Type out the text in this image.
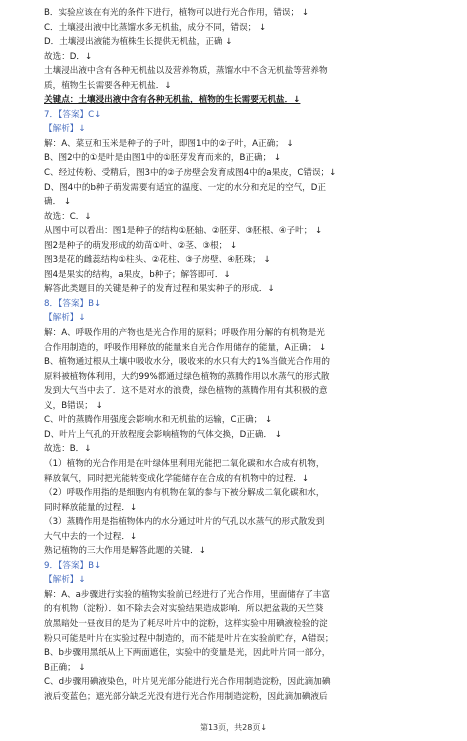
B．实验应该在有光的条件下进行，植物可以进行光合作用，错误； ↓
C．土壤浸出液中比蒸馏水多无机盐，成分不同，错误； ↓
D．土壤浸出液能为植株生长提供无机盐，正确 ↓
故选：D．↓
土壤浸出液中含有各种无机盐以及营养物质，蒸馏水中不含无机盐等营养物
质，植物生长需要各种无机盐．↓
关键点：土壤浸出液中含有各种无机盐，植物的生长需要无机盐．↓
7．【答案】C↓
【解析】↓
解：A、菜豆和玉米是种子的子叶，即图1中的②子叶，A正确； ↓
B、图2中的①是叶是由图1中的①胚芽发育而来的，B正确； ↓
C、经过传粉、受精后，图3中的②子房壁会发育成图4中的a果皮，C错误；↓
D、图4中的b种子萌发需要有适宜的温度、一定的水分和充足的空气，D正
确． ↓
故选：C．↓
从图中可以看出：图1是种子的结构①胚轴、②胚芽、③胚根、④子叶； ↓
图2是种子的萌发形成的幼苗①叶、②茎、③根； ↓
图3是花的雌蕊结构①柱头、②花柱、③子房壁、④胚珠； ↓
图4是果实的结构，a果皮，b种子；解答即可．↓
解答此类题目的关键是种子的发育过程和果实种子的形成．↓
8．【答案】B↓
【解析】↓
解：A、呼吸作用的产物也是光合作用的原料；呼吸作用分解的有机物是光
合作用制造的，呼吸作用释放的能量来自光合作用储存的能量，A正确； ↓
B、植物通过根从土壤中吸收水分，吸收来的水只有大约1%当做光合作用的
原料被植物体利用，大约99%都通过绿色植物的蒸腾作用以水蒸气的形式散
发到大气当中去了．这不是对水的浪费，绿色植物的蒸腾作用有其积极的意
义，B错误； ↓
C、叶的蒸腾作用强度会影响水和无机盐的运输，C正确； ↓
D、叶片上气孔的开放程度会影响植物的气体交换，D正确． ↓
故选：B．↓
（1）植物的光合作用是在叶绿体里利用光能把二氧化碳和水合成有机物，
释放氧气，同时把光能转变成化学能储存在合成的有机物中的过程．↓
（2）呼吸作用指的是细胞内有机物在氧的参与下被分解成二氧化碳和水，
同时释放能量的过程．↓
（3）蒸腾作用是指植物体内的水分通过叶片的气孔以水蒸气的形式散发到
大气中去的一个过程．↓
熟记植物的三大作用是解答此题的关键．↓
9．【答案】B↓
【解析】↓
解：A、a步骤进行实验的植物实验前已经进行了光合作用，里面储存了丰富
的有机物（淀粉）．如不除去会对实验结果造成影响．所以把盆栽的天竺葵
放黑暗处一昼夜目的是为了耗尽叶片中的淀粉，这样实验中用碘液检验的淀
粉只可能是叶片在实验过程中制造的，而不能是叶片在实验前贮存，A错误；
B、b步骤用黑纸从上下两面遮住，实验中的变量是光，因此叶片同一部分，
B正确； ↓
C、d步骤用碘液染色，叶片见光部分能进行光合作用制造淀粉，因此滴加碘
液后变蓝色；遮光部分缺乏光没有进行光合作用制造淀粉，因此滴加碘液后
第13页，共28页↓
